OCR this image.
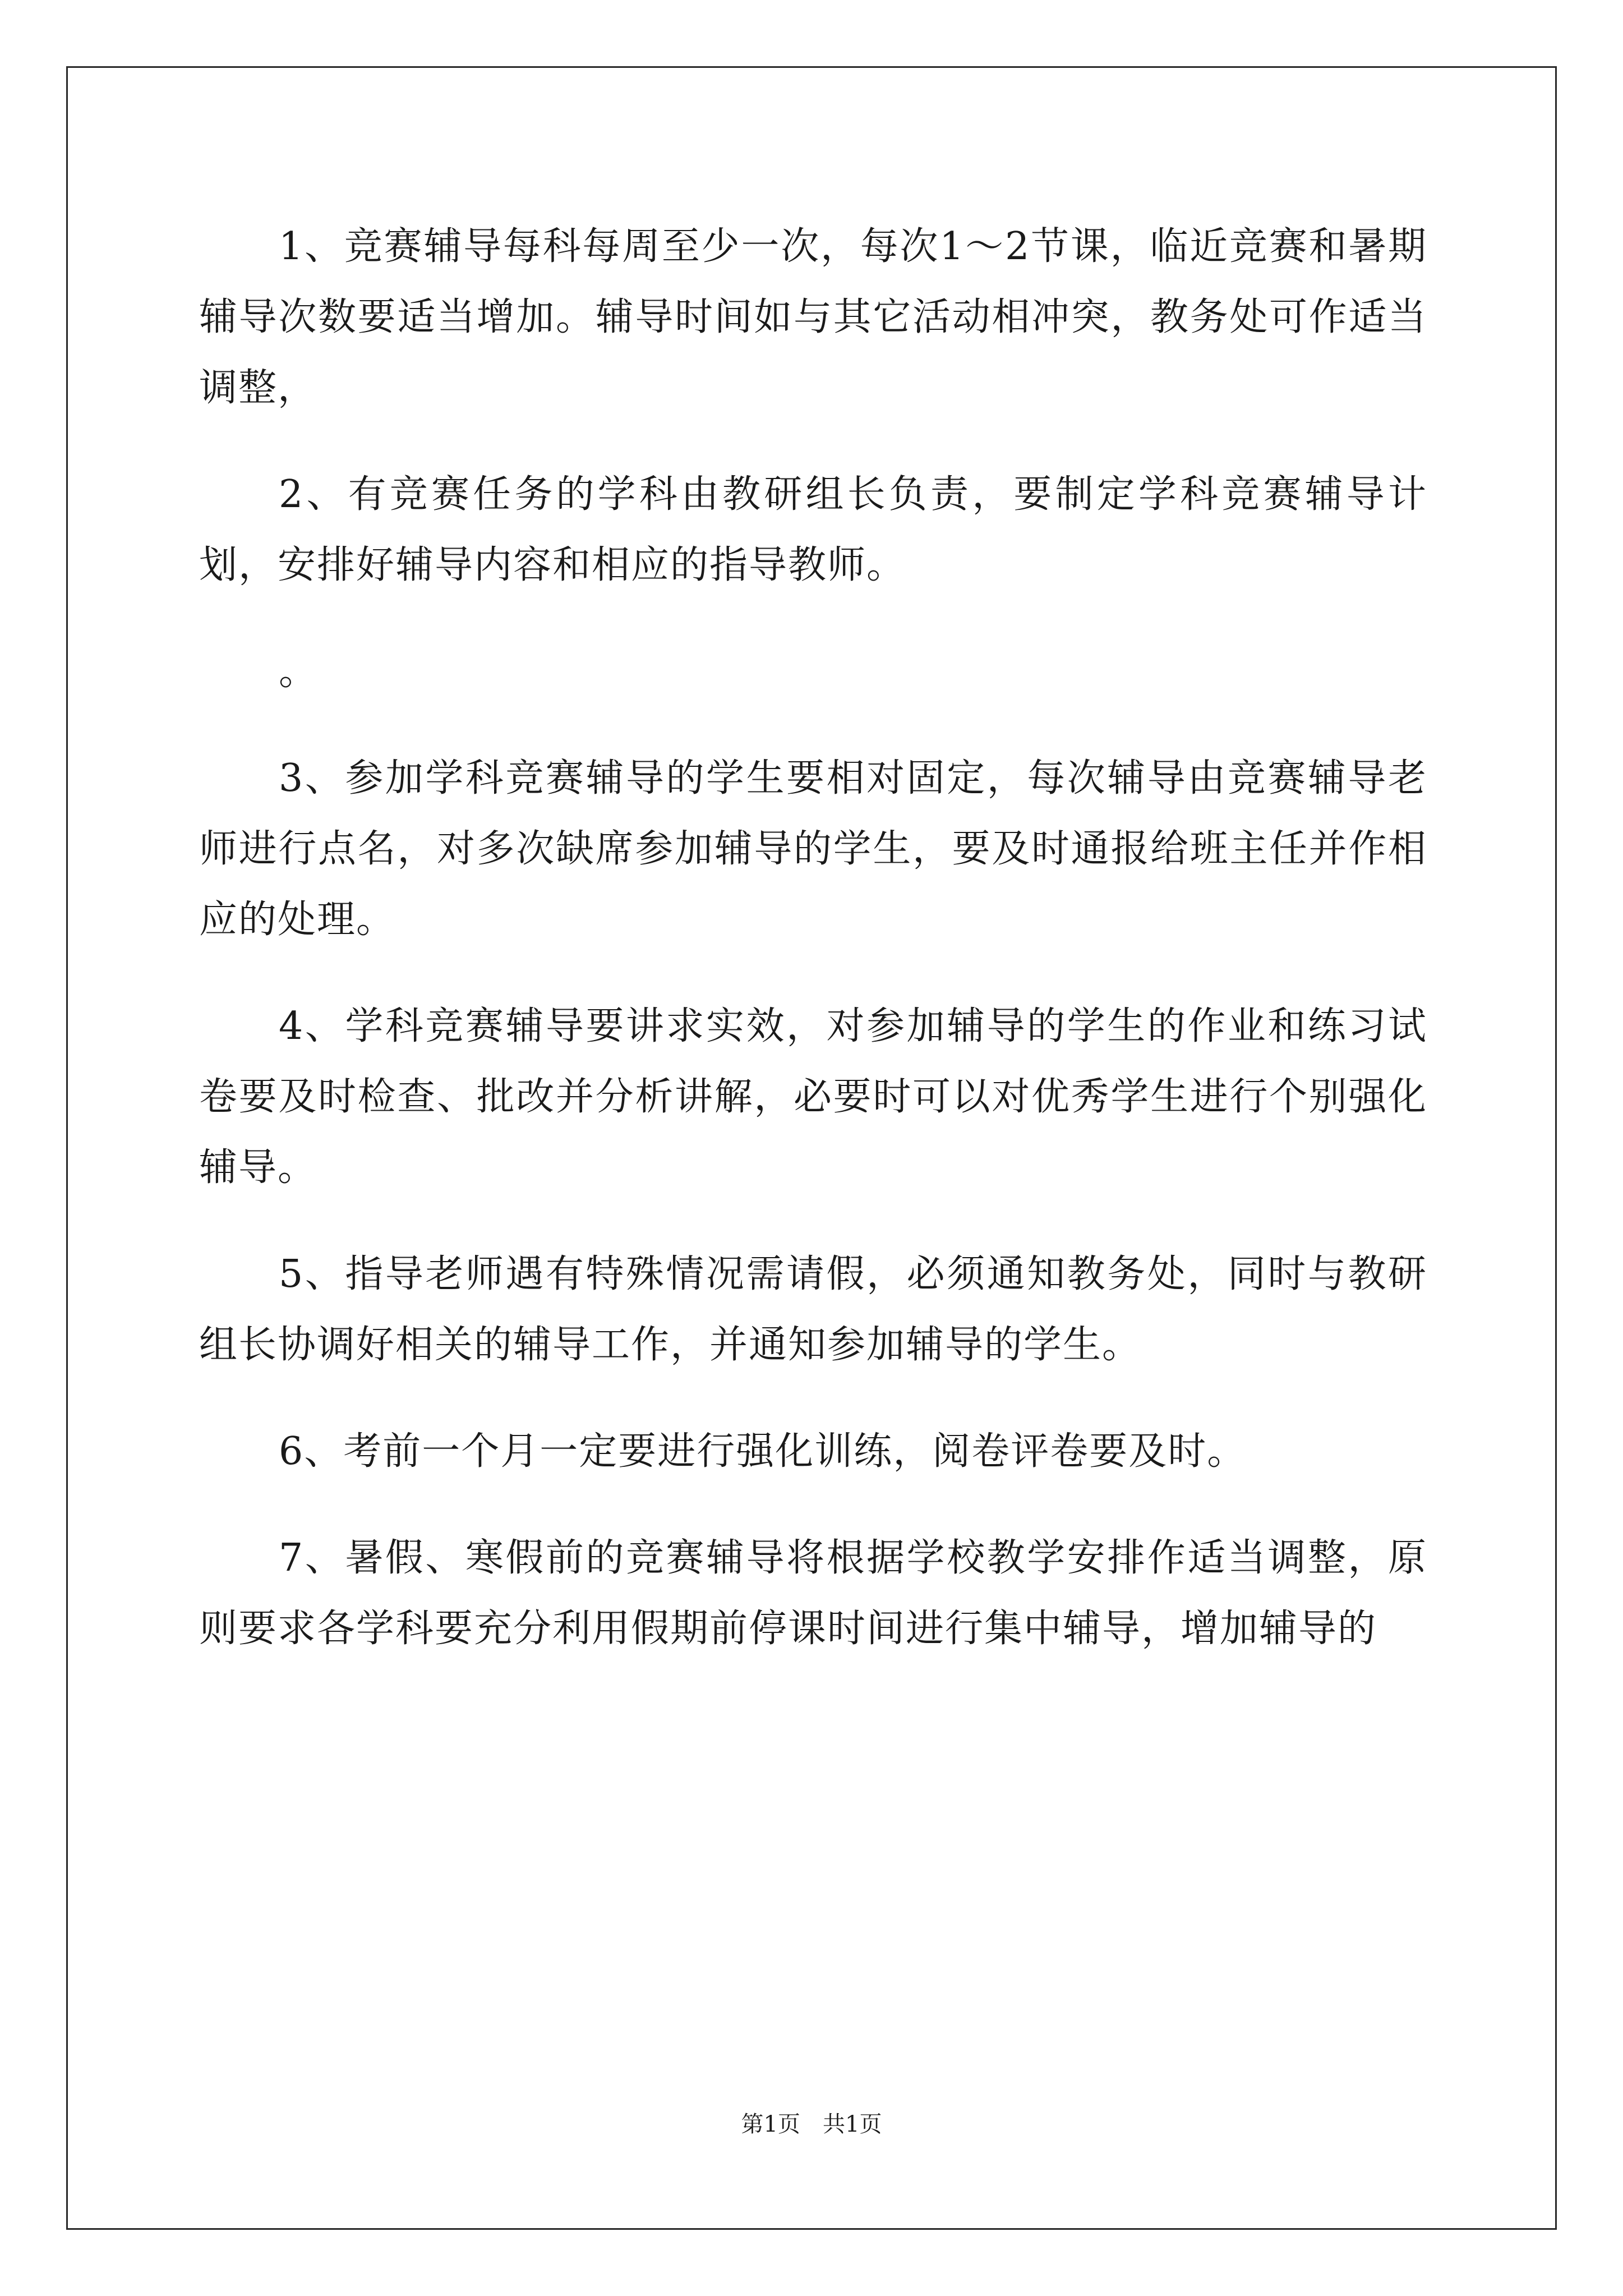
1、竞赛辅导每科每周至少一次，每次1～2节课，临近竞赛和暑期辅导次数要适当增加。辅导时间如与其它活动相冲突，教务处可作适当调整，

2、有竞赛任务的学科由教研组长负责，要制定学科竞赛辅导计划，安排好辅导内容和相应的指导教师。

。

3、参加学科竞赛辅导的学生要相对固定，每次辅导由竞赛辅导老师进行点名，对多次缺席参加辅导的学生，要及时通报给班主任并作相应的处理。

4、学科竞赛辅导要讲求实效，对参加辅导的学生的作业和练习试卷要及时检查、批改并分析讲解，必要时可以对优秀学生进行个别强化辅导。

5、指导老师遇有特殊情况需请假，必须通知教务处，同时与教研组长协调好相关的辅导工作，并通知参加辅导的学生。

6、考前一个月一定要进行强化训练，阅卷评卷要及时。

7、暑假、寒假前的竞赛辅导将根据学校教学安排作适当调整，原则要求各学科要充分利用假期前停课时间进行集中辅导，增加辅导的

第1页　共1页
